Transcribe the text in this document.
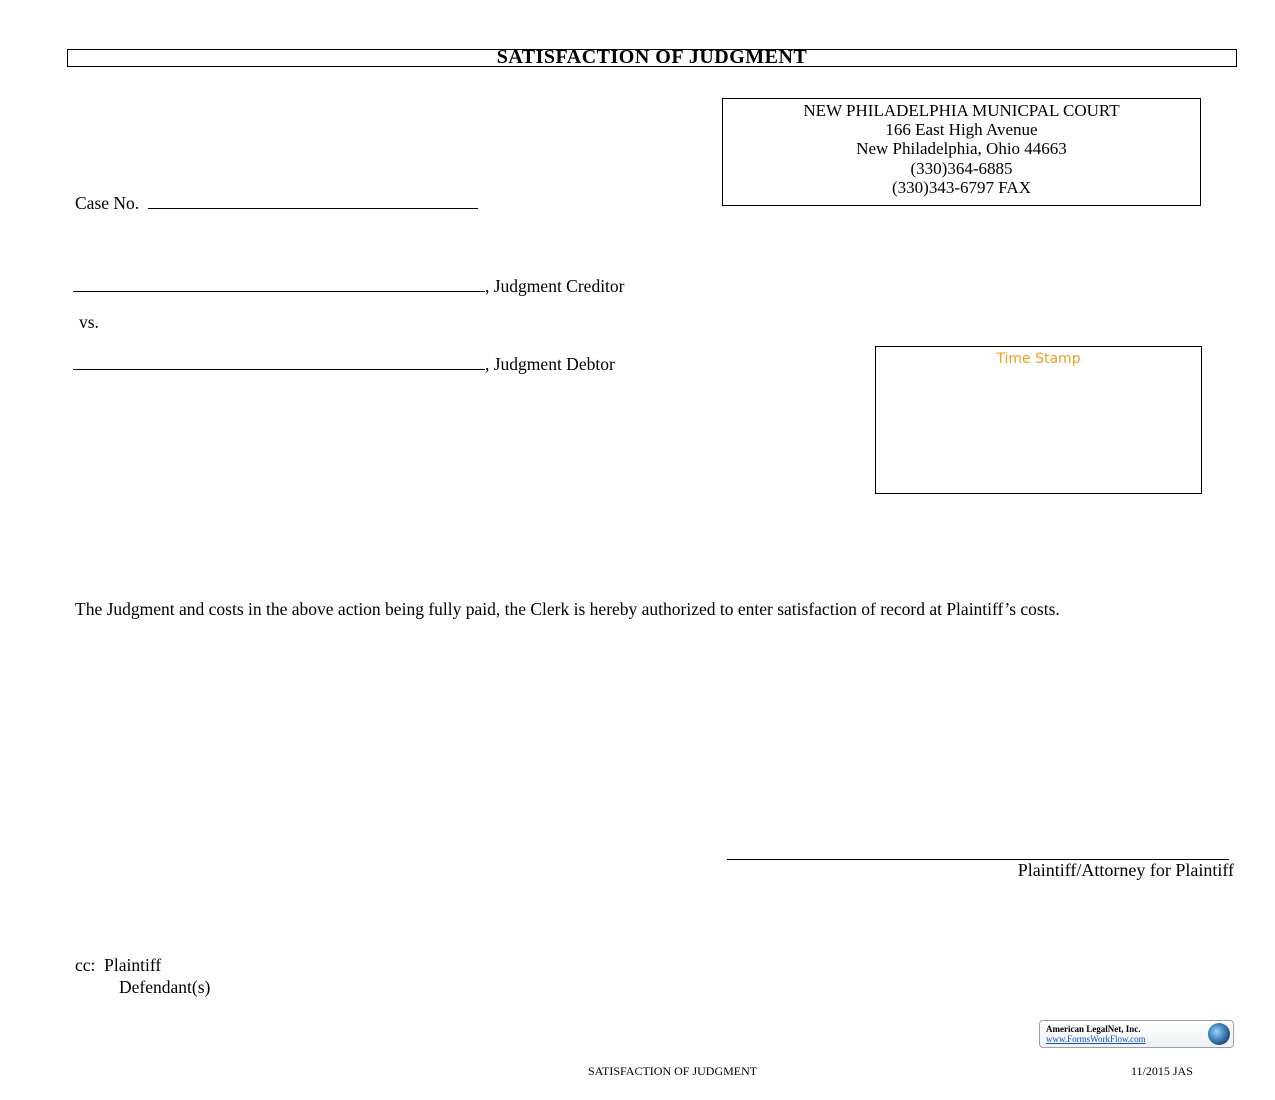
SATISFACTION OF JUDGMENT
NEW PHILADELPHIA MUNICPAL COURT
166 East High Avenue
New Philadelphia, Ohio 44663
(330)364-6885
(330)343-6797 FAX
Case No.
, Judgment Creditor
vs.
, Judgment Debtor	Time Stamp
The Judgment and costs in the above action being fully paid, the Clerk is hereby authorized to enter satisfaction of record at Plaintiff’s costs.
Plaintiff/Attorney for Plaintiff
cc: Plaintiff
Defendant(s)
American LegalNet, Inc.
www.FormsWorkFlow.com
SATISFACTION OF JUDGMENT	11/2015 JAS
